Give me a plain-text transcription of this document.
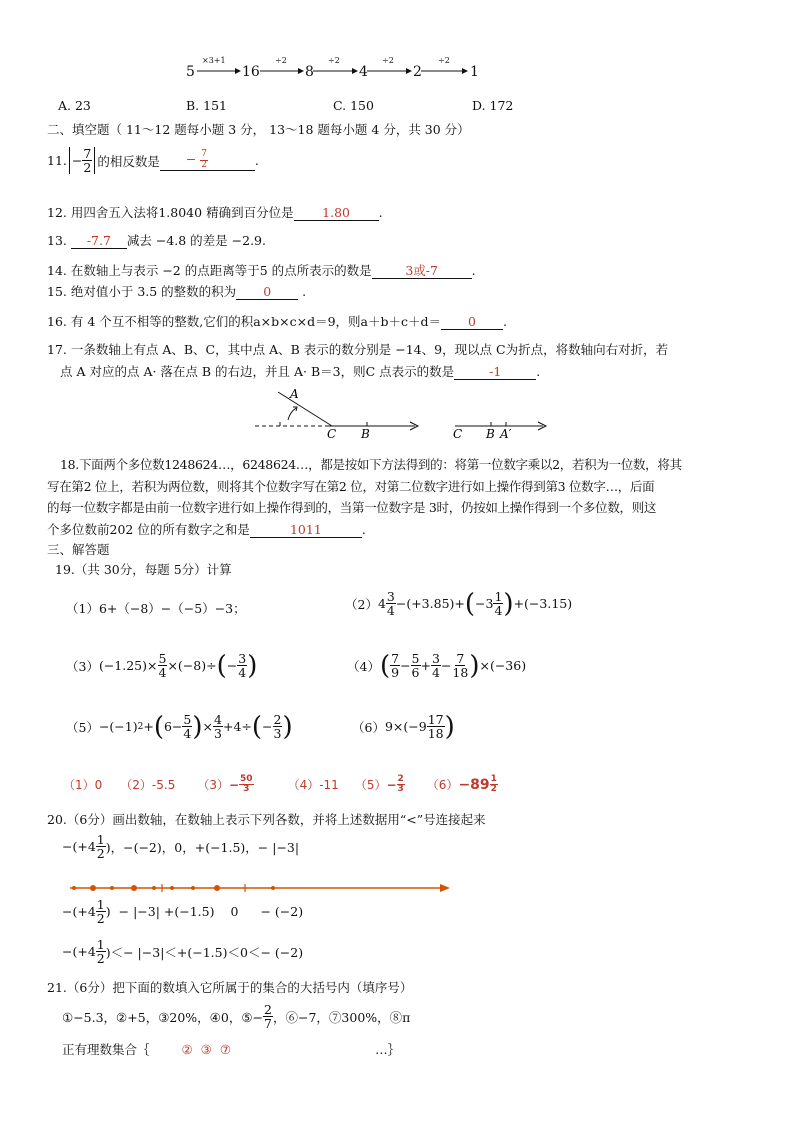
5
×3+1
16
÷2
8
÷2
4
÷2
2
÷2
1
A. 23	B. 151	C. 150	D. 172
二、填空题（ 11～12 题每小题 3 分， 13～18 题每小题 4 分，共 30 分）
11. − $\frac{7}{2}$ 的相反数是	− $\frac{7}{2}$	.
12. 用四舍五入法将1.8040 精确到百分位是 1.80 .
13. -7.7 减去 −4.8 的差是 −2.9.
14. 在数轴上与表示 −2 的点距离等于5 的点所表示的数是	3或-7	.
15. 绝对值小于 3.5 的整数的积为 0 .
16. 有 4 个互不相等的整数,它们的积a×b×c×d＝9，则a＋b＋c＋d＝ 0 .
17. 一条数轴上有点 A、B、C，其中点 A、B 表示的数分别是 −14、9，现以点 C为折点，将数轴向右对折，若
点 A 对应的点 A· 落在点 B 的右边，并且 A· B＝3，则C 点表示的数是	-1	.
A
C B	C B A′
18.下面两个多位数1248624…，6248624…，都是按如下方法得到的：将第一位数字乘以2，若积为一位数，将其
写在第2 位上，若积为两位数，则将其个位数字写在第2 位，对第二位数字进行如上操作得到第3 位数字…，后面
的每一位数字都是由前一位数字进行如上操作得到的，当第一位数字是 3时，仍按如上操作得到一个多位数，则这
个多位数前202 位的所有数字之和是	1011	.
三、解答题
19.（共 30分，每题 5分）计算
（1）6+（−8）−（−5）−3；	（2） $4 \frac{3}{4} -(+3.85)+$ ( $-3 \frac{1}{4}$ ) +(−3.15)
（3） $(-1.25)\times \frac{5}{4} \times(-8)\div$ ( − $\frac{3}{4}$ )	（4） ( $\frac{7}{9} - \frac{5}{6} + \frac{3}{4} - \frac{7}{18}$ ) ×(−36)
（5） −(−1) 2 + ( $6- \frac{5}{4}$ ) × $\frac{4}{3} +4\div$ ( − $\frac{2}{3}$ )	（6） $9\times(-9 \frac{17}{18}$ )
（1）0 （2）-5.5 $(3) - \frac{50}{3}$	（4）-11 $(5) - \frac{2}{3} (6) - 89 \frac{1}{2}$
20.（6分）画出数轴，在数轴上表示下列各数，并将上述数据用“<”号连接起来
$-(+4 \frac{1}{2}$ )，−(−2)，0，+(−1.5)，− |−3|
$-(+4 \frac{1}{2}$ ) − |−3| +(−1.5) 0 − (−2)
$-(+4 \frac{1}{2}$ )＜− |−3|＜+(−1.5)＜0＜− (−2)
21.（6分）把下面的数填入它所属于的集合的大括号内（填序号）
①−5.3，②+5，③20%，④0，⑤− $\frac{2}{7}$ ，⑥−7，⑦300%，⑧π
正有理数集合｛	② ③ ⑦	…｝
